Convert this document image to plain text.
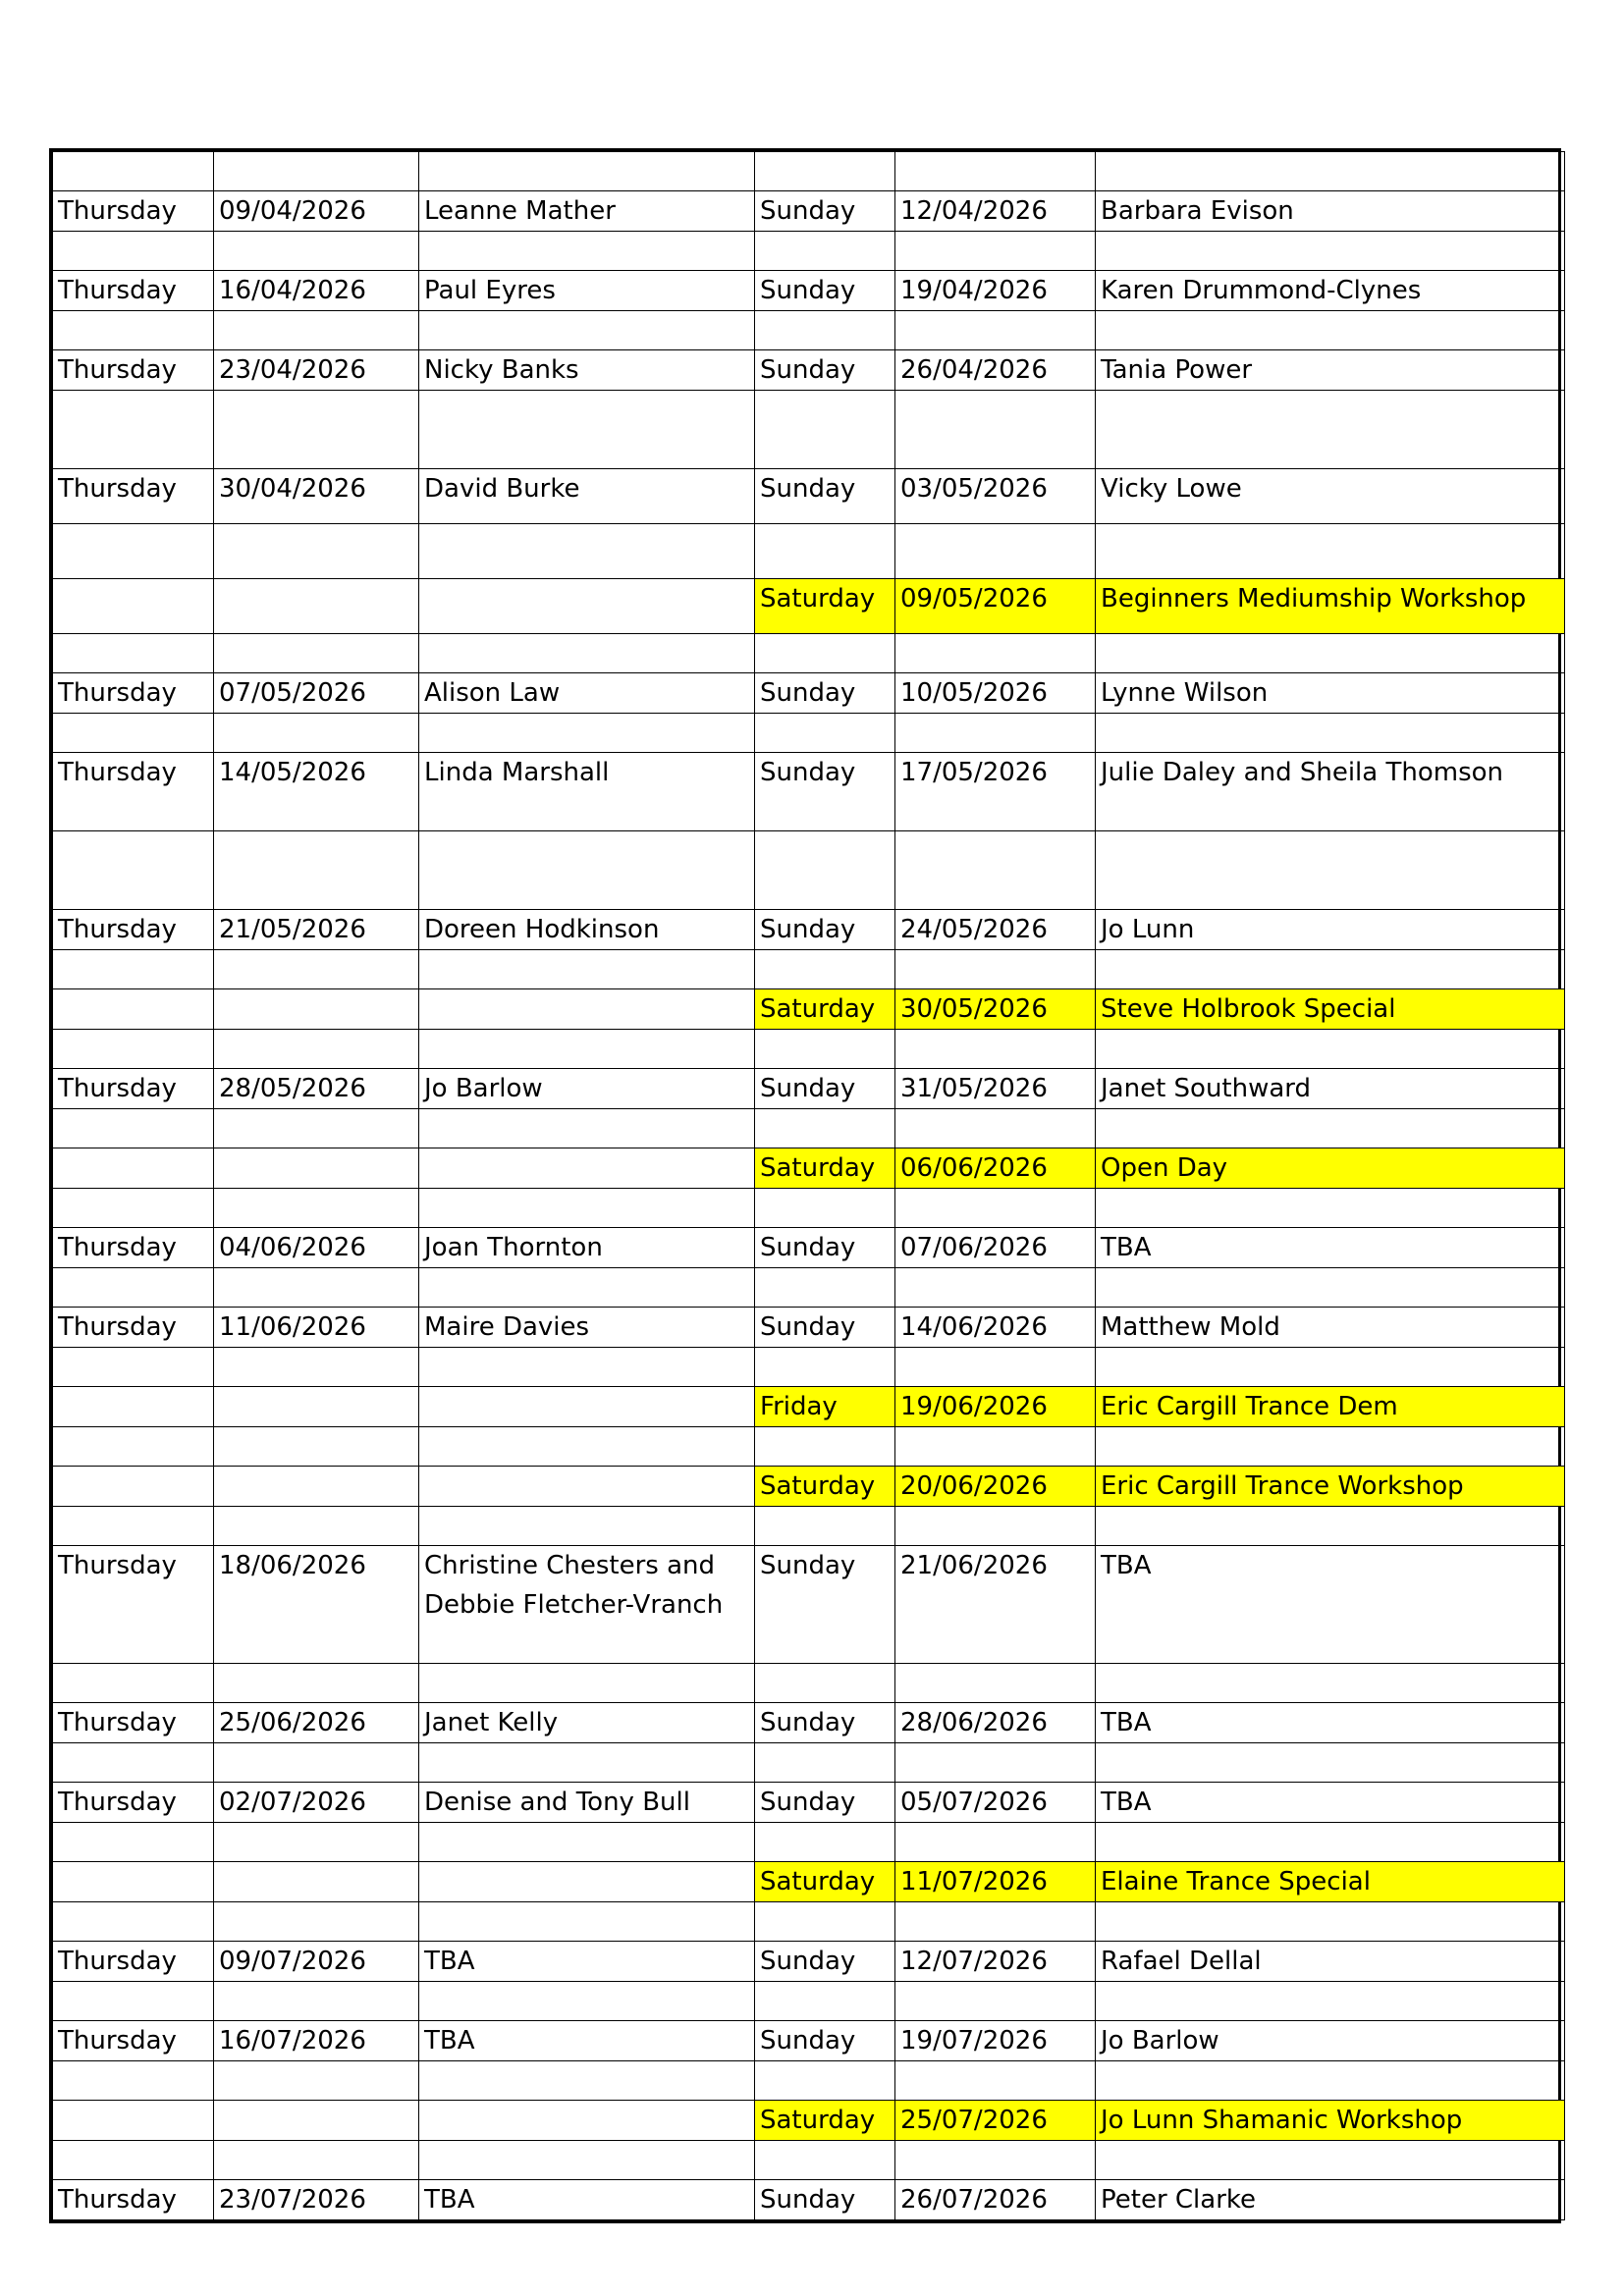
Thursday	09/04/2026	Leanne Mather	Sunday	12/04/2026	Barbara Evison

Thursday	16/04/2026	Paul Eyres	Sunday	19/04/2026	Karen Drummond-Clynes

Thursday	23/04/2026	Nicky Banks	Sunday	26/04/2026	Tania Power

Thursday	30/04/2026	David Burke	Sunday	03/05/2026	Vicky Lowe

			Saturday	09/05/2026	Beginners Mediumship Workshop

Thursday	07/05/2026	Alison Law	Sunday	10/05/2026	Lynne Wilson

Thursday	14/05/2026	Linda Marshall	Sunday	17/05/2026	Julie Daley and Sheila Thomson

Thursday	21/05/2026	Doreen Hodkinson	Sunday	24/05/2026	Jo Lunn

			Saturday	30/05/2026	Steve Holbrook Special

Thursday	28/05/2026	Jo Barlow	Sunday	31/05/2026	Janet Southward

			Saturday	06/06/2026	Open Day

Thursday	04/06/2026	Joan Thornton	Sunday	07/06/2026	TBA

Thursday	11/06/2026	Maire Davies	Sunday	14/06/2026	Matthew Mold

			Friday	19/06/2026	Eric Cargill Trance Dem

			Saturday	20/06/2026	Eric Cargill Trance Workshop

Thursday	18/06/2026	Christine Chesters and Debbie Fletcher-Vranch	Sunday	21/06/2026	TBA

Thursday	25/06/2026	Janet Kelly	Sunday	28/06/2026	TBA

Thursday	02/07/2026	Denise and Tony Bull	Sunday	05/07/2026	TBA

			Saturday	11/07/2026	Elaine Trance Special

Thursday	09/07/2026	TBA	Sunday	12/07/2026	Rafael Dellal

Thursday	16/07/2026	TBA	Sunday	19/07/2026	Jo Barlow

			Saturday	25/07/2026	Jo Lunn Shamanic Workshop

Thursday	23/07/2026	TBA	Sunday	26/07/2026	Peter Clarke
